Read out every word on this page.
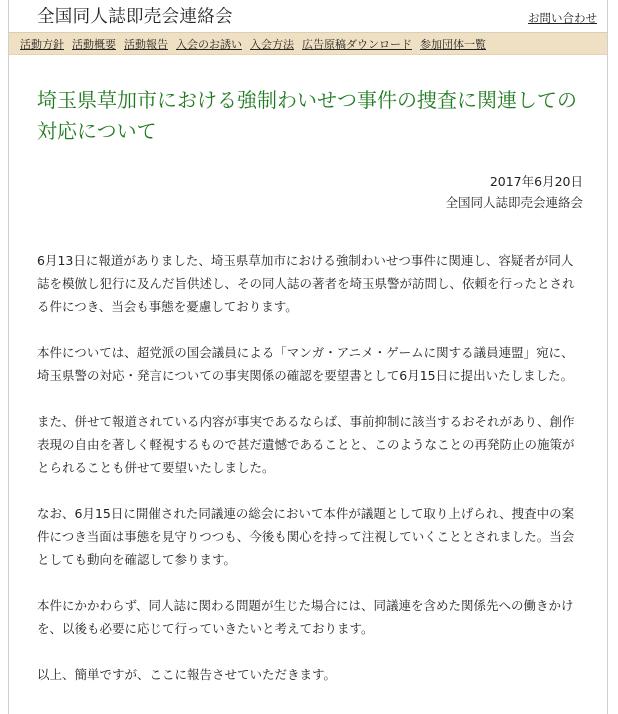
全国同人誌即売会連絡会	お問い合わせ
活動方針 活動概要 活動報告 入会のお誘い 入会方法 広告原稿ダウンロード 参加団体一覧
埼玉県草加市における強制わいせつ事件の捜査に関連しての対応について
2017年6月20日
全国同人誌即売会連絡会

6月13日に報道がありました、埼玉県草加市における強制わいせつ事件に関連し、容疑者が同人誌を模倣し犯行に及んだ旨供述し、その同人誌の著者を埼玉県警が訪問し、依頼を行ったとされる件につき、当会も事態を憂慮しております。

本件については、超党派の国会議員による「マンガ・アニメ・ゲームに関する議員連盟」宛に、埼玉県警の対応・発言についての事実関係の確認を要望書として6月15日に提出いたしました。

また、併せて報道されている内容が事実であるならば、事前抑制に該当するおそれがあり、創作表現の自由を著しく軽視するもので甚だ遺憾であることと、このようなことの再発防止の施策がとられることも併せて要望いたしました。

なお、6月15日に開催された同議連の総会において本件が議題として取り上げられ、捜査中の案件につき当面は事態を見守りつつも、今後も関心を持って注視していくこととされました。当会としても動向を確認して参ります。

本件にかかわらず、同人誌に関わる問題が生じた場合には、同議連を含めた関係先への働きかけを、以後も必要に応じて行っていきたいと考えております。

以上、簡単ですが、ここに報告させていただきます。
